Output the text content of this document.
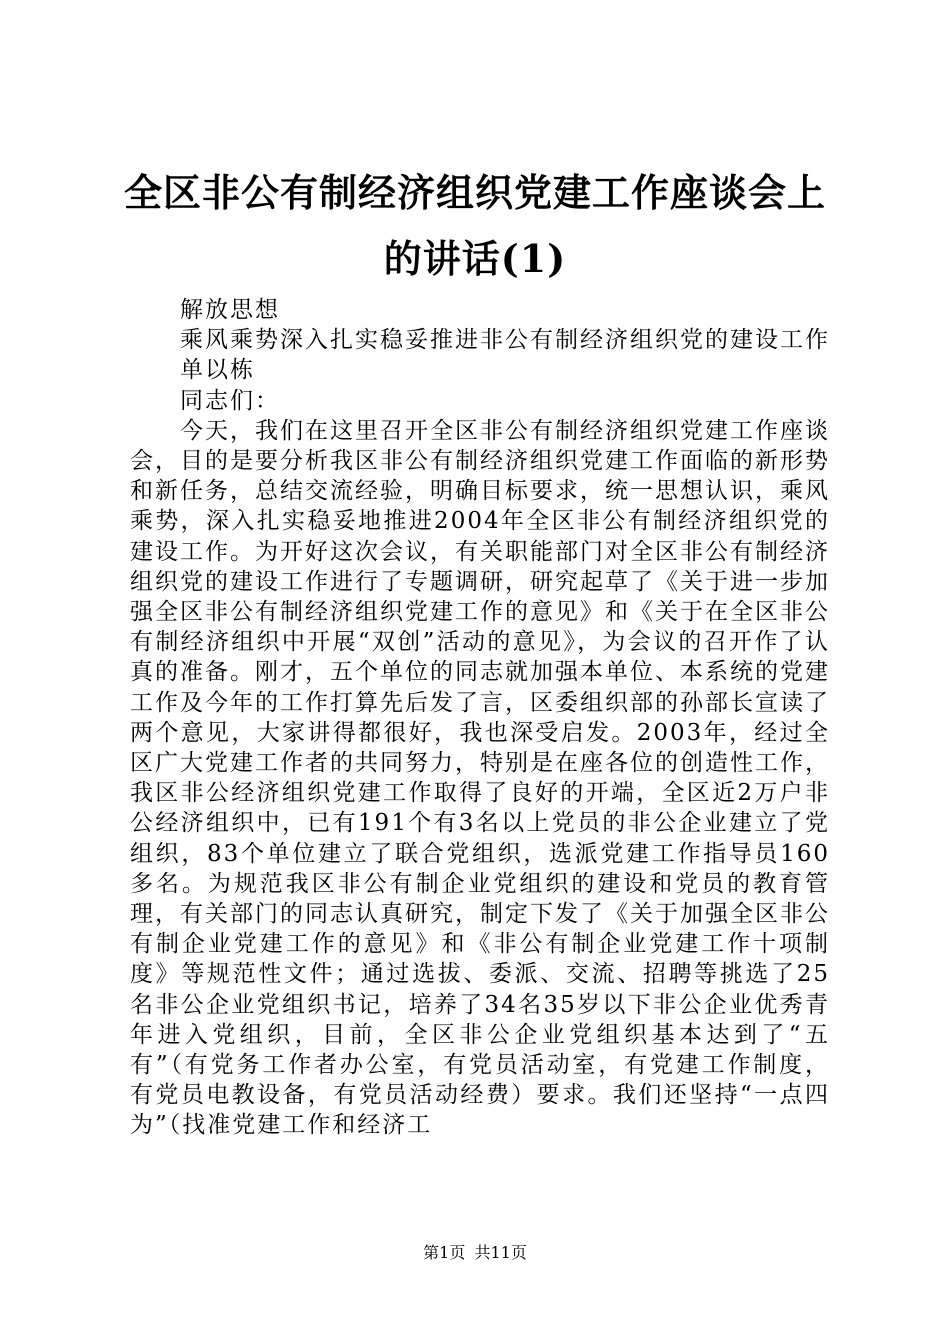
全区非公有制经济组织党建工作座谈会上的讲话(1)

解放思想

乘风乘势深入扎实稳妥推进非公有制经济组织党的建设工作

单以栋

同志们：

今天，我们在这里召开全区非公有制经济组织党建工作座谈会，目的是要分析我区非公有制经济组织党建工作面临的新形势和新任务，总结交流经验，明确目标要求，统一思想认识，乘风乘势，深入扎实稳妥地推进2004年全区非公有制经济组织党的建设工作。为开好这次会议，有关职能部门对全区非公有制经济组织党的建设工作进行了专题调研，研究起草了《关于进一步加强全区非公有制经济组织党建工作的意见》和《关于在全区非公有制经济组织中开展“双创”活动的意见》，为会议的召开作了认真的准备。刚才，五个单位的同志就加强本单位、本系统的党建工作及今年的工作打算先后发了言，区委组织部的孙部长宣读了两个意见，大家讲得都很好，我也深受启发。2003年，经过全区广大党建工作者的共同努力，特别是在座各位的创造性工作，我区非公经济组织党建工作取得了良好的开端，全区近2万户非公经济组织中，已有191个有3名以上党员的非公企业建立了党组织，83个单位建立了联合党组织，选派党建工作指导员160多名。为规范我区非公有制企业党组织的建设和党员的教育管理，有关部门的同志认真研究，制定下发了《关于加强全区非公有制企业党建工作的意见》和《非公有制企业党建工作十项制度》等规范性文件；通过选拔、委派、交流、招聘等挑选了25名非公企业党组织书记，培养了34名35岁以下非公企业优秀青年进入党组织，目前，全区非公企业党组织基本达到了“五有”（有党务工作者办公室，有党员活动室，有党建工作制度，有党员电教设备，有党员活动经费）要求。我们还坚持“一点四为”（找准党建工作和经济工

第1页 共11页
